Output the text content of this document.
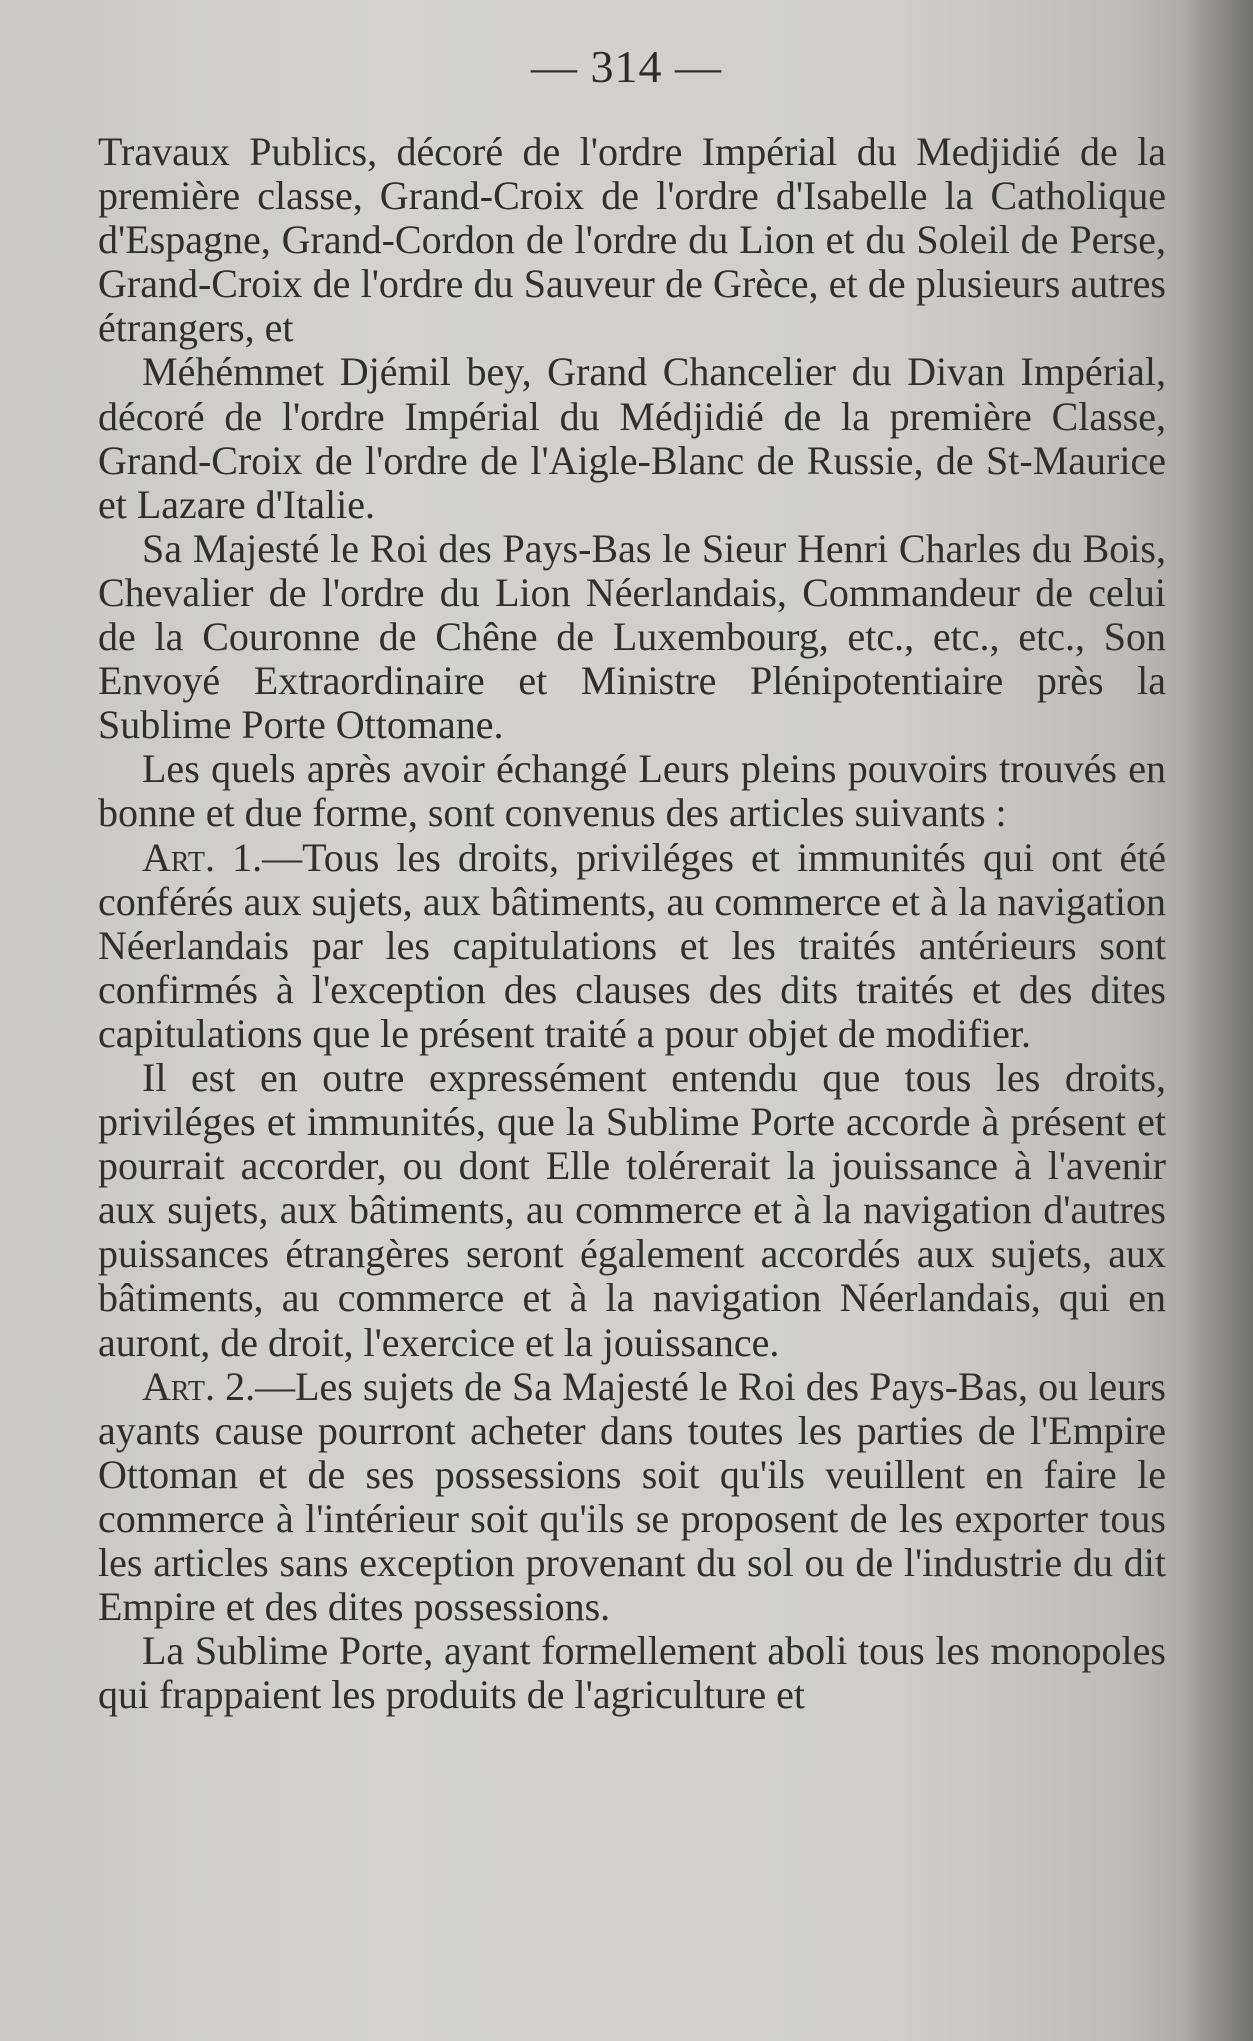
— 314 —

Travaux Publics, décoré de l'ordre Impérial du Medjidié de la première classe, Grand-Croix de l'ordre d'Isabelle la Catholique d'Espagne, Grand-Cordon de l'ordre du Lion et du Soleil de Perse, Grand-Croix de l'ordre du Sauveur de Grèce, et de plusieurs autres étrangers, et

Méhémmet Djémil bey, Grand Chancelier du Divan Impérial, décoré de l'ordre Impérial du Médjidié de la première Classe, Grand-Croix de l'ordre de l'Aigle-Blanc de Russie, de St-Maurice et Lazare d'Italie.

Sa Majesté le Roi des Pays-Bas le Sieur Henri Charles du Bois, Chevalier de l'ordre du Lion Néerlandais, Commandeur de celui de la Couronne de Chêne de Luxembourg, etc., etc., etc., Son Envoyé Extraordinaire et Ministre Plénipotentiaire près la Sublime Porte Ottomane.

Les quels après avoir échangé Leurs pleins pouvoirs trouvés en bonne et due forme, sont convenus des articles suivants :

Art. 1.—Tous les droits, priviléges et immunités qui ont été conférés aux sujets, aux bâtiments, au commerce et à la navigation Néerlandais par les capitulations et les traités antérieurs sont confirmés à l'exception des clauses des dits traités et des dites capitulations que le présent traité a pour objet de modifier.

Il est en outre expressément entendu que tous les droits, priviléges et immunités, que la Sublime Porte accorde à présent et pourrait accorder, ou dont Elle tolérerait la jouissance à l'avenir aux sujets, aux bâtiments, au commerce et à la navigation d'autres puissances étrangères seront également accordés aux sujets, aux bâtiments, au commerce et à la navigation Néerlandais, qui en auront, de droit, l'exercice et la jouissance.

Art. 2.—Les sujets de Sa Majesté le Roi des Pays-Bas, ou leurs ayants cause pourront acheter dans toutes les parties de l'Empire Ottoman et de ses possessions soit qu'ils veuillent en faire le commerce à l'intérieur soit qu'ils se proposent de les exporter tous les articles sans exception provenant du sol ou de l'industrie du dit Empire et des dites possessions.

La Sublime Porte, ayant formellement aboli tous les monopoles qui frappaient les produits de l'agriculture et
